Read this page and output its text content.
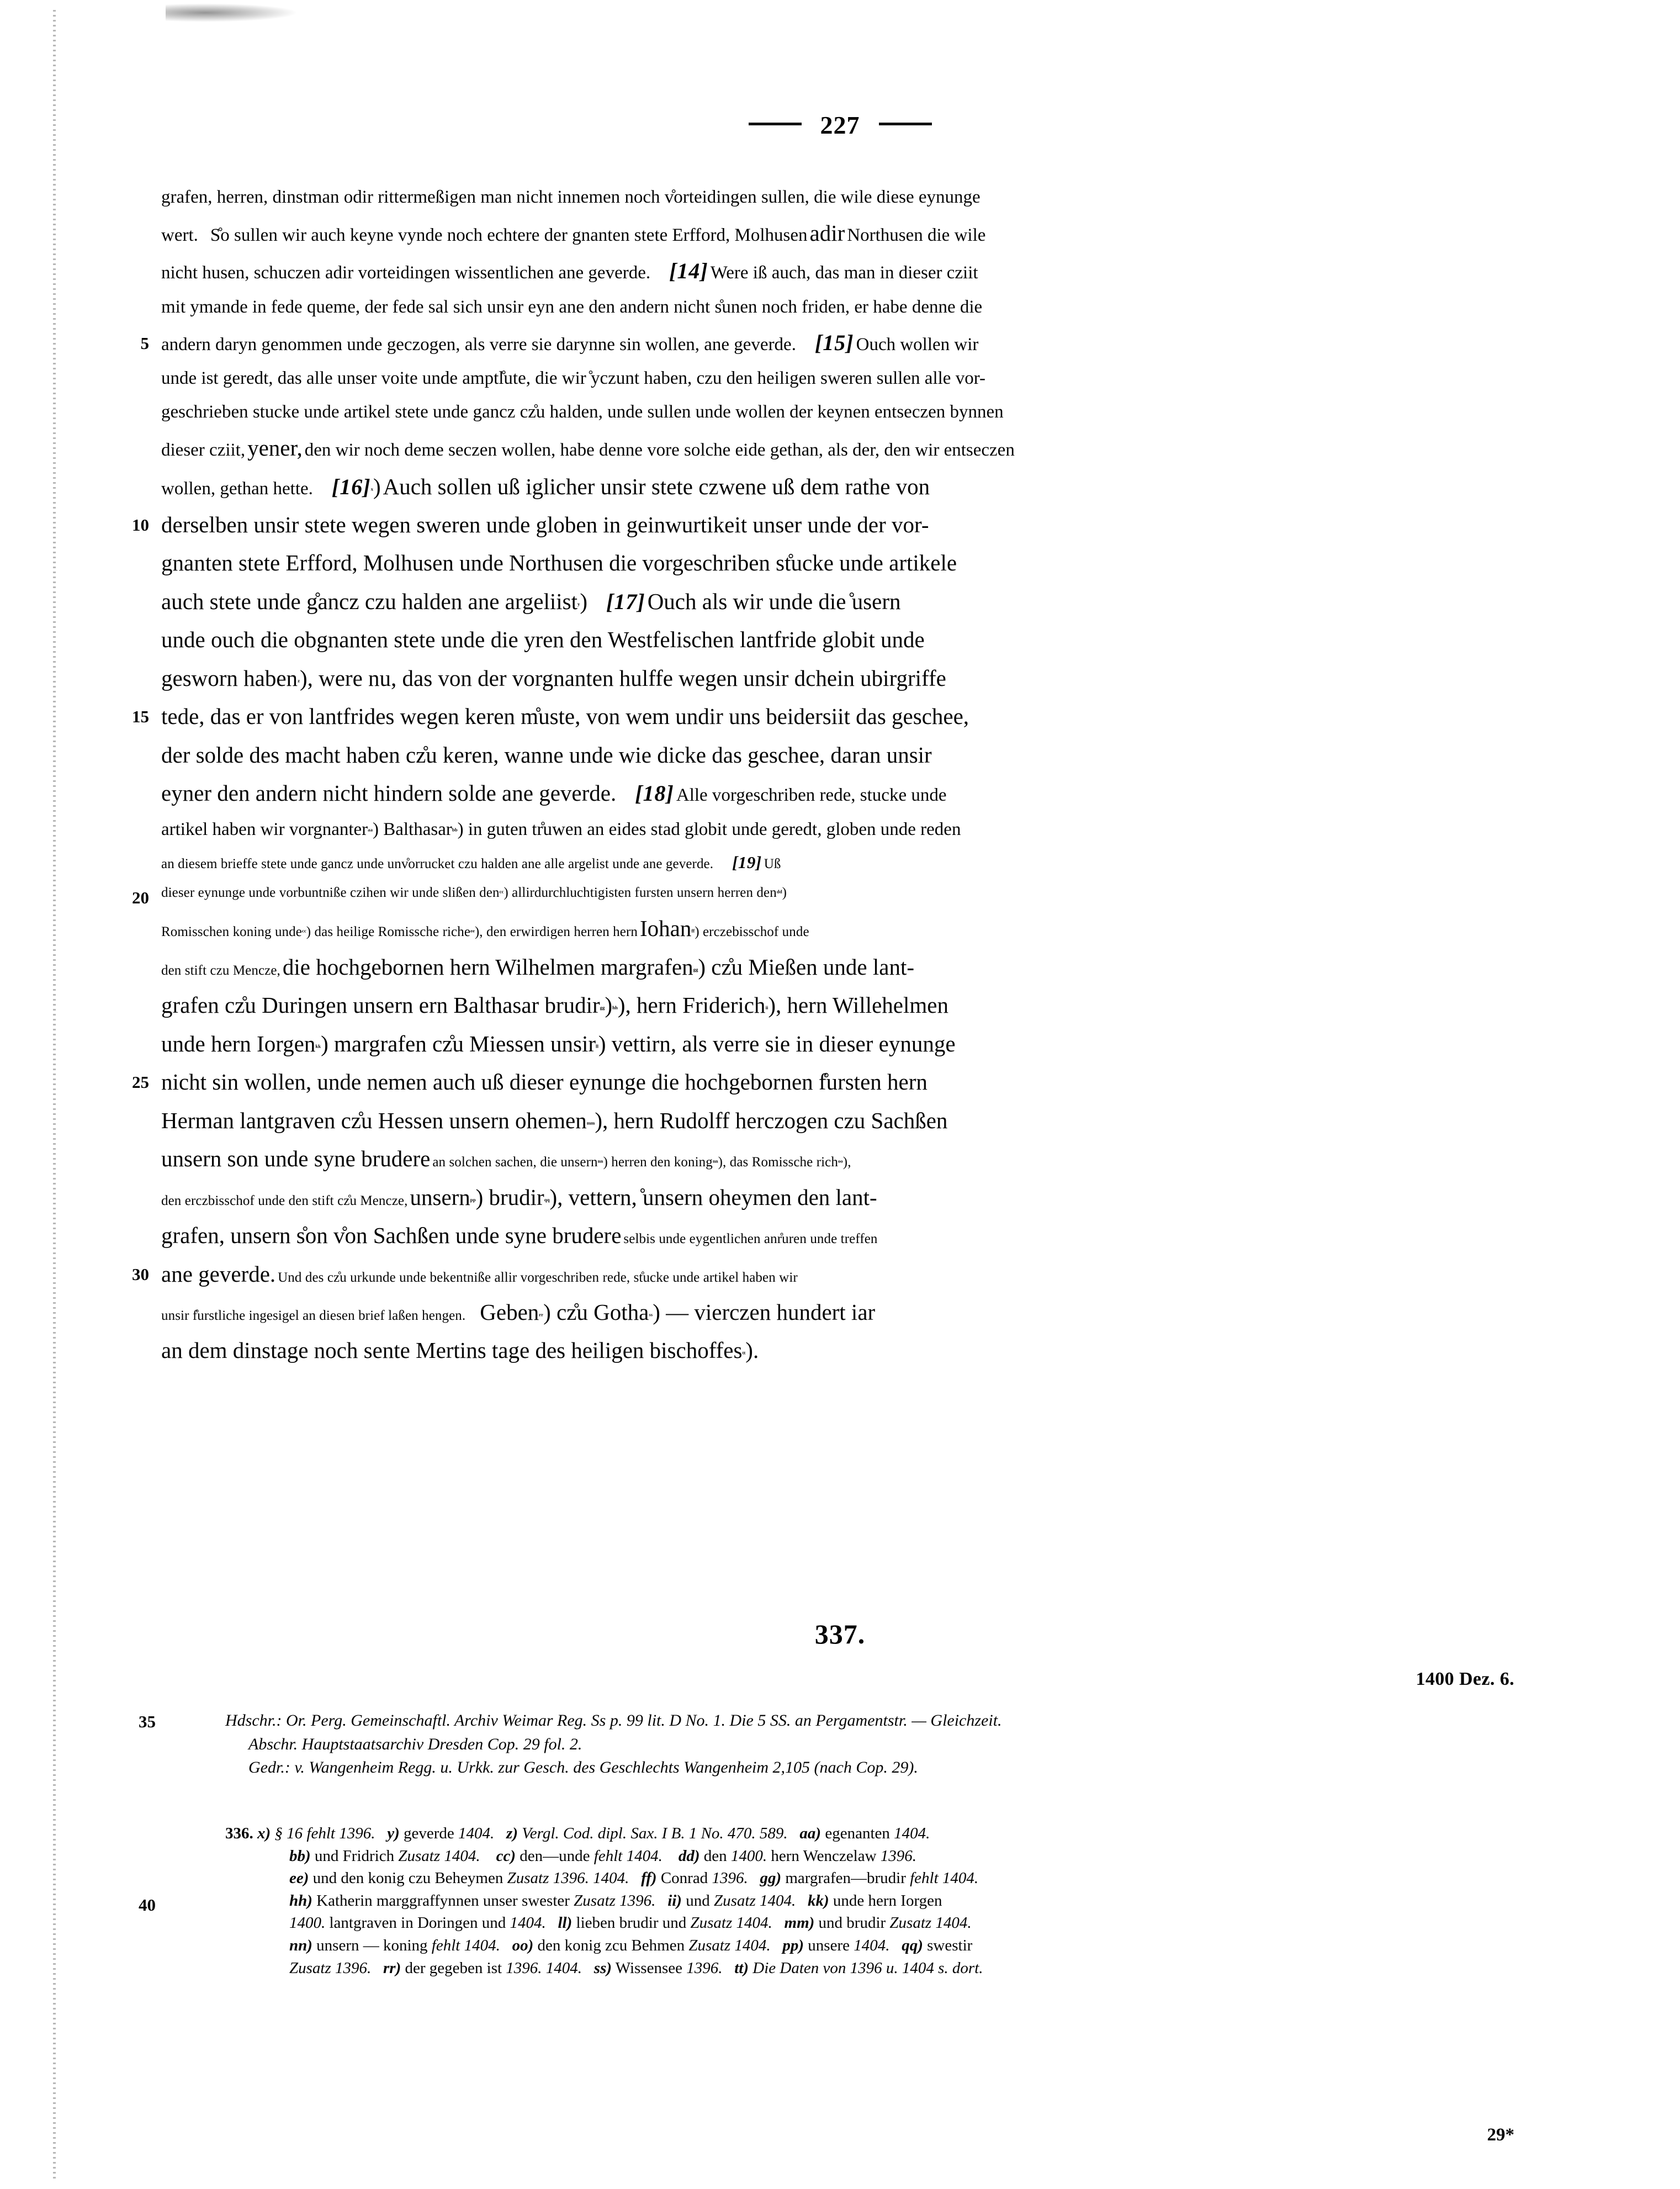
227
grafen, herren, dinstman odir rittermeßigen man nicht innemen noch v̊orteidingen sullen, die wile diese eynunge
wert. S̊o sullen wir auch keyne vynde noch echtere der gnanten stete Erfford, Molhusen adir Northusen die wile
nicht husen, schuczen adir vorteidingen wissentlichen ane geverde. [14] Were iß auch, das man in dieser cziit
mit ymande in fede queme, der fede sal sich unsir eyn ane den andern nicht s̊unen noch friden, er habe denne die
5 andern daryn genommen unde geczogen, als verre sie darynne sin wollen, ane geverde. [15] Ouch wollen wir
unde ist geredt, das alle unser voite unde amptl̊ute, die wir ̊yczunt haben, czu den heiligen sweren sullen alle vor-
geschrieben stucke unde artikel stete unde gancz cz̊u halden, unde sullen unde wollen der keynen entseczen bynnen
dieser cziit, yener, den wir noch deme seczen wollen, habe denne vore solche eide gethan, als der, den wir entseczen
wollen, gethan hette. $[16]^x$) Auch sollen uß iglicher unsir stete czwene uß dem rathe von
10 derselben unsir stete wegen sweren unde globen in geinwurtikeit unser unde der vor-
gnanten stete Erfford, Molhusen unde Northusen die vorgeschriben st̊ucke unde artikele
auch stete unde g̊ancz czu halden ane argeliist$^y$) [17] Ouch als wir unde die ̊usern
unde ouch die obgnanten stete unde die yren den Westfelischen lantfride globit unde
gesworn haben$^z$), were nu, das von der vorgnanten hulffe wegen unsir dchein ubirgriffe
15 tede, das er von lantfrides wegen keren m̊uste, von wem undir uns beidersiit das geschee,
der solde des macht haben cz̊u keren, wanne unde wie dicke das geschee, daran unsir
eyner den andern nicht hindern solde ane geverde. [18] Alle vorgeschriben rede, stucke unde
artikel haben wir vorgnanter$^{aa}$) Balthasar$^{bb}$) in guten tr̊uwen an eides stad globit unde geredt, globen unde reden
an diesem brieffe stete unde gancz unde unv̊orrucket czu halden ane alle argelist unde ane geverde. [19] Uß
20 dieser eynunge unde vorbuntniße czihen wir unde slißen den$^{cc}$) allirdurchluchtigisten fursten unsern herren den$^{dd}$)
Romisschen koning unde$^{cc}$) das heilige Romissche riche$^{ee}$), den erwirdigen herren hern Iohan$^{ff}$) erczebisschof unde
den stift czu Mencze, die hochgebornen hern Wilhelmen margrafen$^{gg}$) cz̊u Mießen unde lant-
grafen cz̊u Duringen unsern ern Balthasar brudir$^{gg}$)$^{hh}$), hern Friderich$^{ii}$), hern Willehelmen
unde hern Iorgen$^{kk}$) margrafen cz̊u Miessen unsir$^{ll}$) vettirn, als verre sie in dieser eynunge
25 nicht sin wollen, unde nemen auch uß dieser eynunge die hochgebornen f̊ursten hern
Herman lantgraven cz̊u Hessen unsern ohemen$^{mm}$), hern Rudolff herczogen czu Sachßen
unsern son unde syne brudere an solchen sachen, die unsern$^{nn}$) herren den koning$^{nn}$), das Romissche rich$^{oo}$),
den erczbisschof unde den stift cz̊u Mencze, unsern$^{pp}$) brudir$^{qq}$), vettern, ̊unsern oheymen den lant-
grafen, unsern s̊on v̊on Sachßen unde syne brudere selbis unde eygentlichen anr̊uren unde treffen
30 ane geverde. Und des cz̊u urkunde unde bekentniße allir vorgeschriben rede, st̊ucke unde artikel haben wir
unsir f̊urstliche ingesigel an diesen brief laßen hengen. Geben$^{rr}$) cz̊u Gotha$^{ss}$) — vierczen hundert iar
an dem dinstage noch sente Mertins tage des heiligen bischoffes$^{tt}$).
337.
1400 Dez. 6.
35	Hdschr.: Or. Perg. Gemeinschaftl. Archiv Weimar Reg. Ss p. 99 lit. D No. 1. Die 5 SS. an Pergamentstr. — Gleichzeit.
Abschr. Hauptstaatsarchiv Dresden Cop. 29 fol. 2.
Gedr.: v. Wangenheim Regg. u. Urkk. zur Gesch. des Geschlechts Wangenheim 2,105 (nach Cop. 29).
40
336. x) § 16 fehlt 1396. y) geverde 1404. z) Vergl. Cod. dipl. Sax. I B. 1 No. 470. 589. aa) egenanten 1404.
bb) und Fridrich Zusatz 1404. cc) den—unde fehlt 1404. dd) den 1400. hern Wenczelaw 1396.
ee) und den konig czu Beheymen Zusatz 1396. 1404. ff) Conrad 1396. gg) margrafen—brudir fehlt 1404.
hh) Katherin marggraffynnen unser swester Zusatz 1396. ii) und Zusatz 1404. kk) unde hern Iorgen
1400. lantgraven in Doringen und 1404. ll) lieben brudir und Zusatz 1404. mm) und brudir Zusatz 1404.
nn) unsern — koning fehlt 1404. oo) den konig zcu Behmen Zusatz 1404. pp) unsere 1404. qq) swestir
Zusatz 1396. rr) der gegeben ist 1396. 1404. ss) Wissensee 1396. tt) Die Daten von 1396 u. 1404 s. dort.
29*
